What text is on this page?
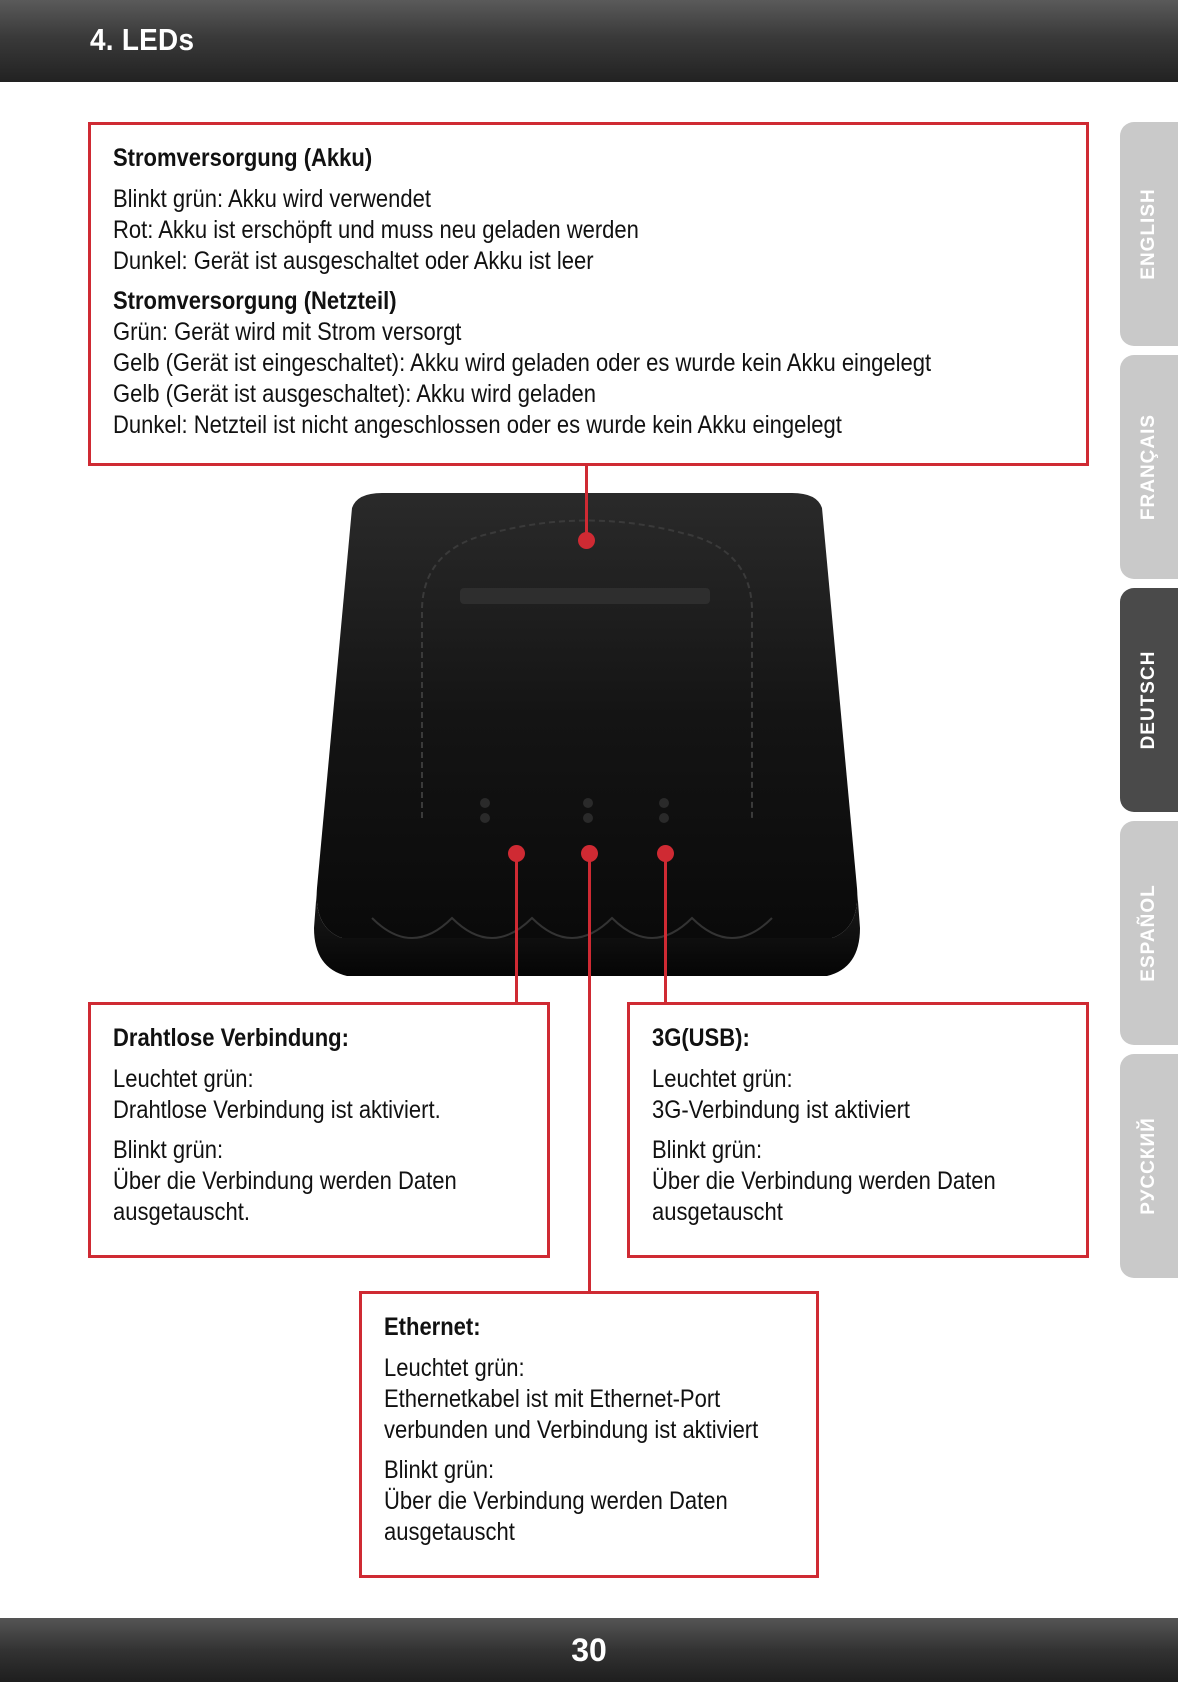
4. LEDs
ENGLISH
FRANÇAIS
DEUTSCH
ESPAÑOL
РУССКИЙ
Stromversorgung (Akku)

Blinkt grün: Akku wird verwendet

Rot: Akku ist erschöpft und muss neu geladen werden

Dunkel: Gerät ist ausgeschaltet oder Akku ist leer

Stromversorgung (Netzteil)

Grün: Gerät wird mit Strom versorgt

Gelb (Gerät ist eingeschaltet): Akku wird geladen oder es wurde kein Akku eingelegt

Gelb (Gerät ist ausgeschaltet): Akku wird geladen

Dunkel: Netzteil ist nicht angeschlossen oder es wurde kein Akku eingelegt

Drahtlose Verbindung:

Leuchtet grün:

Drahtlose Verbindung ist aktiviert.

Blinkt grün:

Über die Verbindung werden Daten

ausgetauscht.

3G(USB):

Leuchtet grün:

3G-Verbindung ist aktiviert

Blinkt grün:

Über die Verbindung werden Daten

ausgetauscht

Ethernet:

Leuchtet grün:

Ethernetkabel ist mit Ethernet-Port

verbunden und Verbindung ist aktiviert

Blinkt grün:

Über die Verbindung werden Daten

ausgetauscht

30
